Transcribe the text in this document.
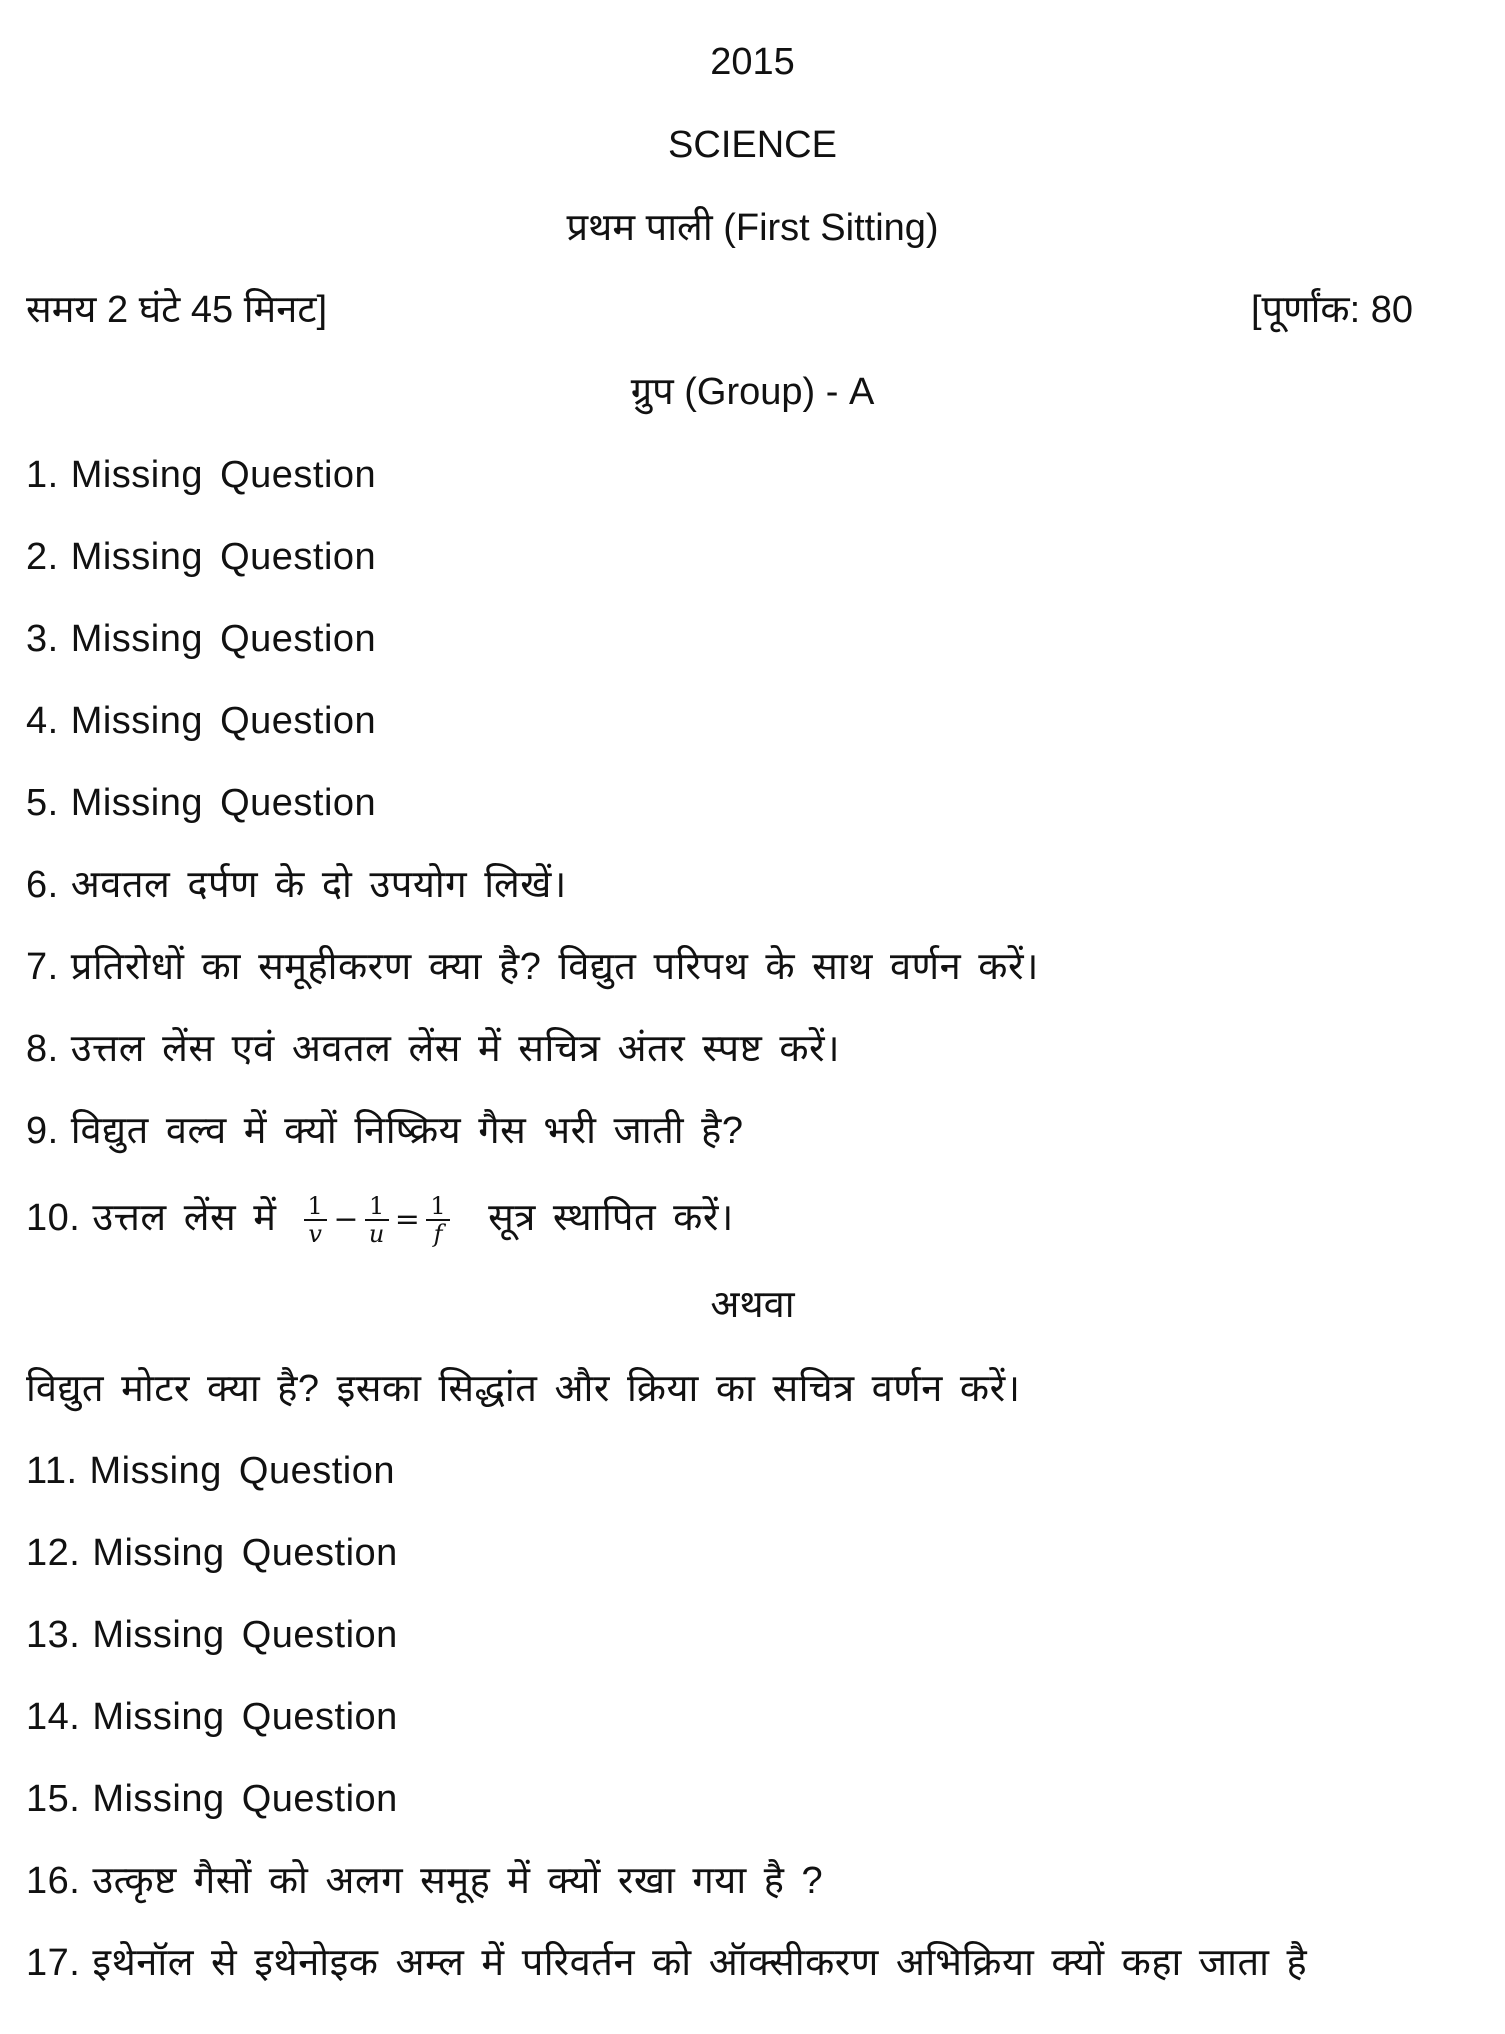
2015
SCIENCE
प्रथम पाली (First Sitting)
समय 2 घंटे 45 मिनट]	[पूर्णांक: 80
ग्रुप (Group) - A
1. Missing Question
2. Missing Question
3. Missing Question
4. Missing Question
5. Missing Question
6. अवतल दर्पण के दो उपयोग लिखें।
7. प्रतिरोधों का समूहीकरण क्या है? विद्युत परिपथ के साथ वर्णन करें।
8. उत्तल लेंस एवं अवतल लेंस में सचित्र अंतर स्पष्ट करें।
9. विद्युत वल्व में क्यों निष्क्रिय गैस भरी जाती है?
10. उत्तल लेंस में $\frac{1}{v} - \frac{1}{u} = \frac{1}{f}$ सूत्र स्थापित करें।
अथवा
विद्युत मोटर क्या है? इसका सिद्धांत और क्रिया का सचित्र वर्णन करें।
11. Missing Question
12. Missing Question
13. Missing Question
14. Missing Question
15. Missing Question
16. उत्कृष्ट गैसों को अलग समूह में क्यों रखा गया है ?
17. इथेनॉल से इथेनोइक अम्ल में परिवर्तन को ऑक्सीकरण अभिक्रिया क्यों कहा जाता है
